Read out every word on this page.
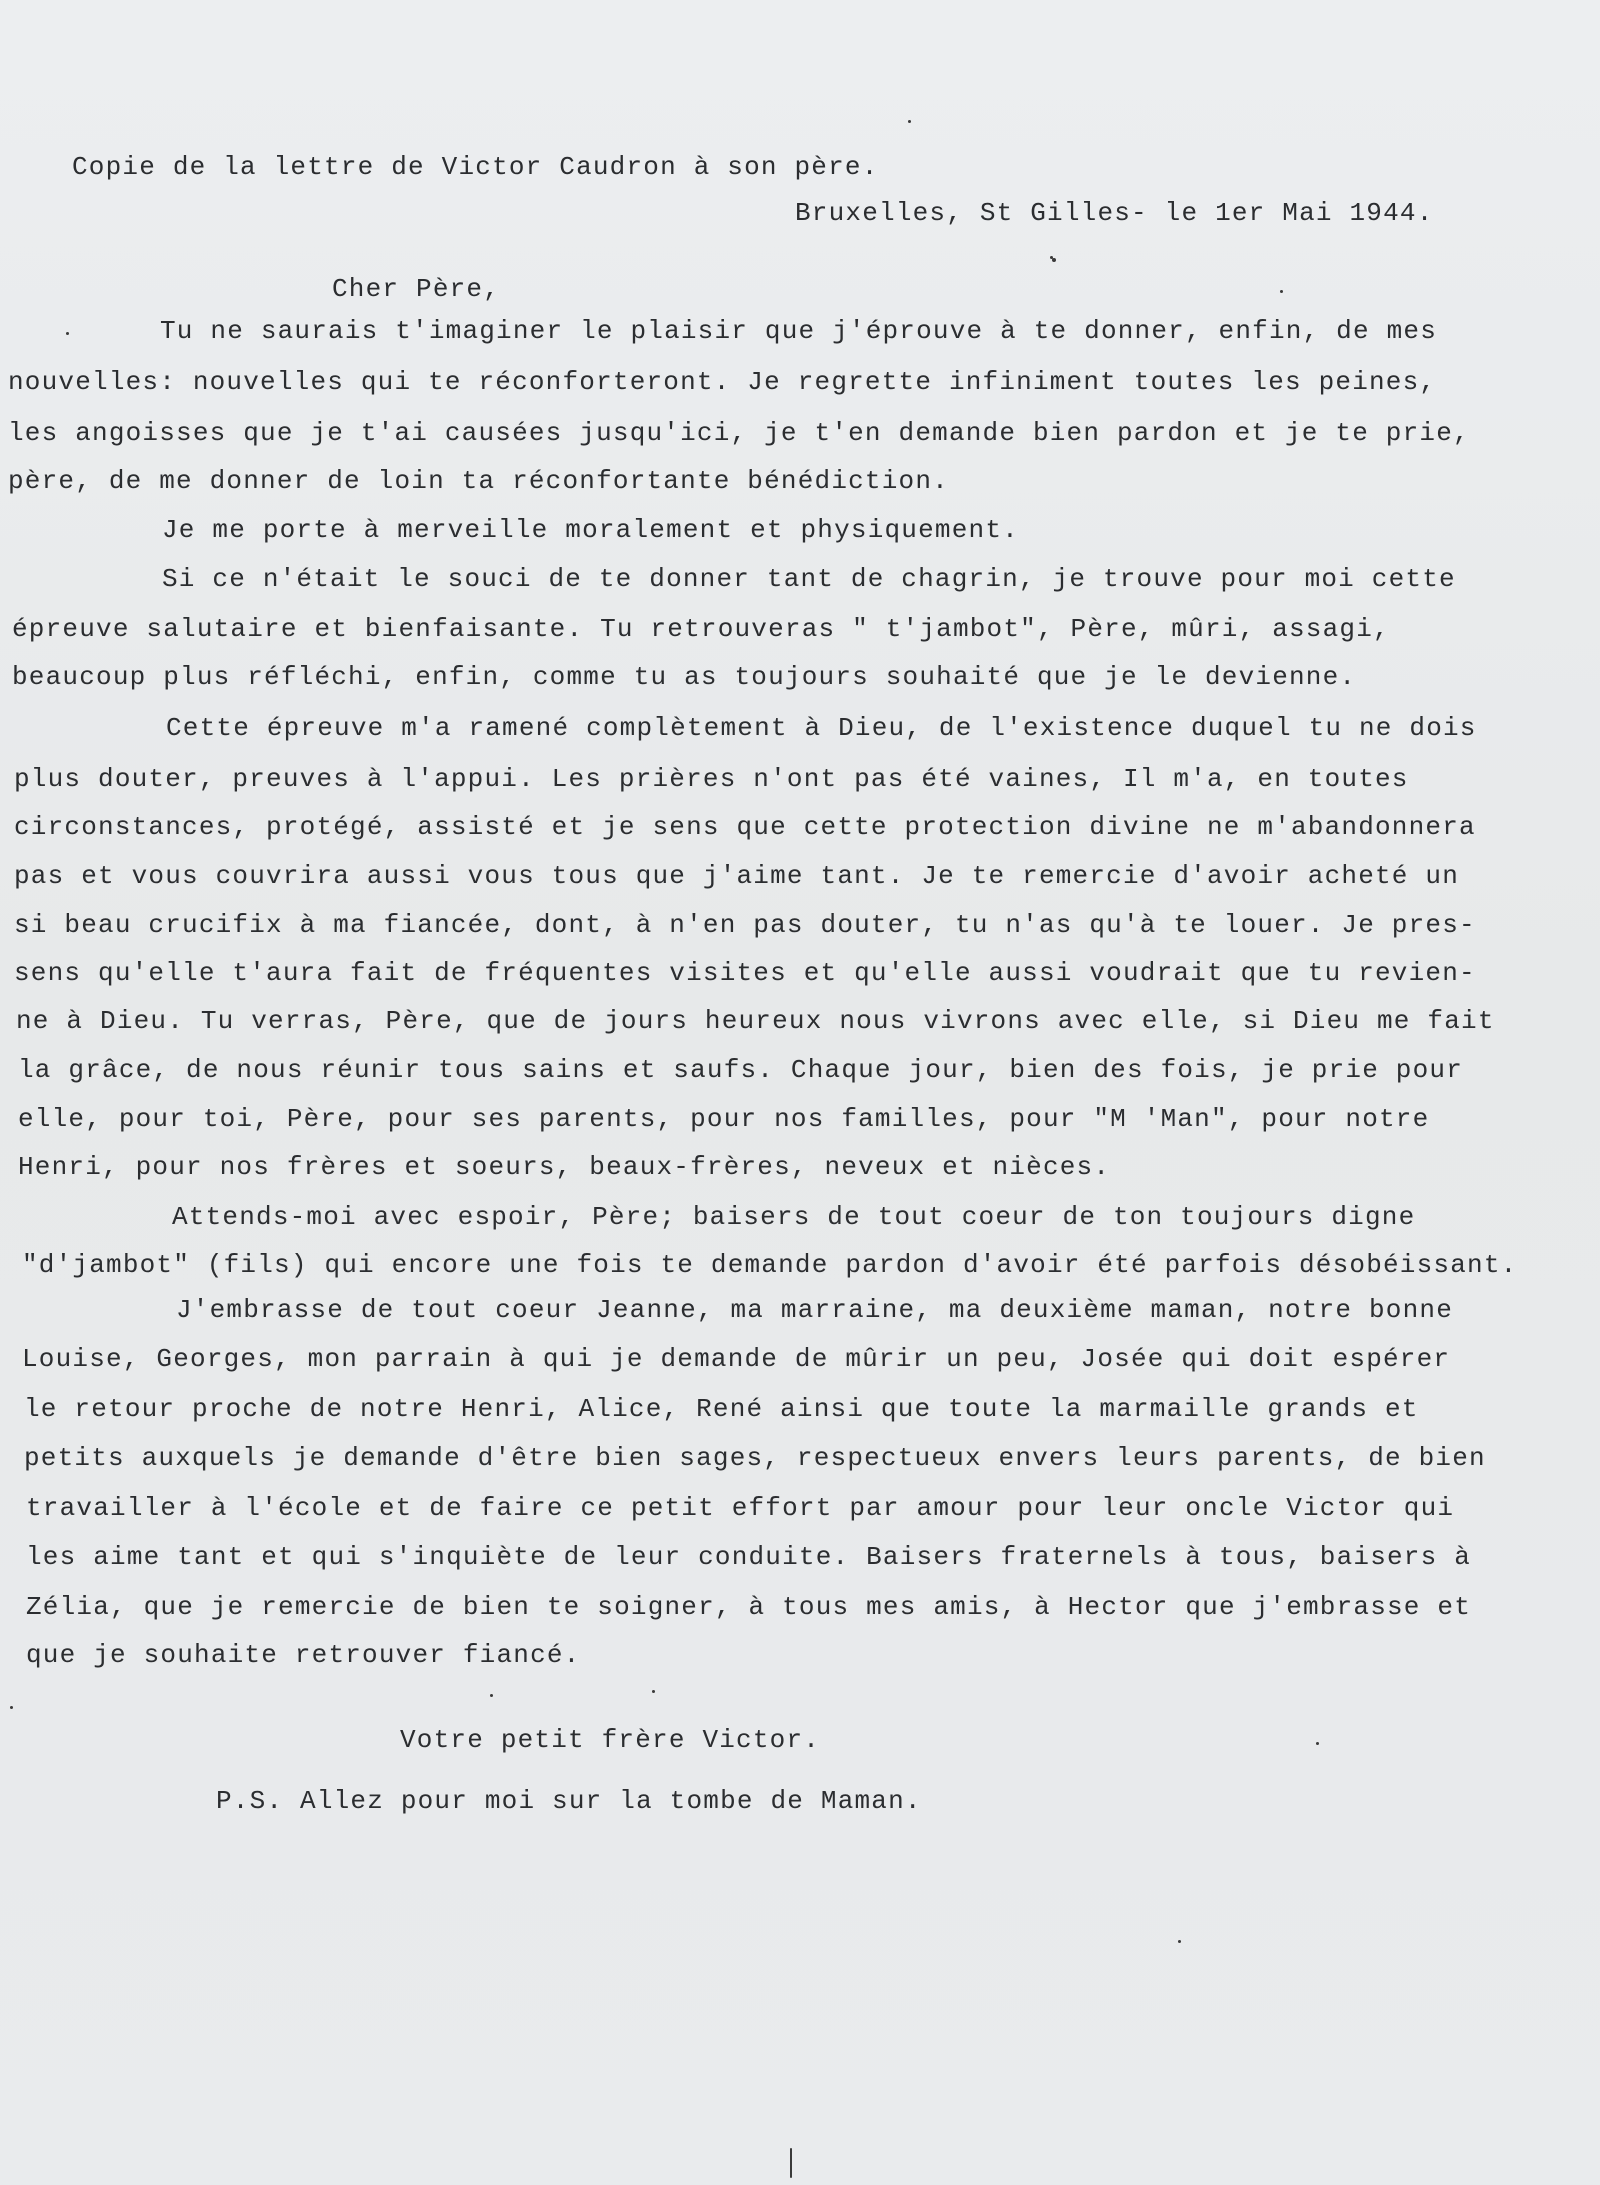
Copie de la lettre de Victor Caudron à son père.

Bruxelles, St Gilles- le 1er Mai 1944.

Cher Père,

Tu ne saurais t'imaginer le plaisir que j'éprouve à te donner, enfin, de mes

nouvelles: nouvelles qui te réconforteront. Je regrette infiniment toutes les peines,

les angoisses que je t'ai causées jusqu'ici, je t'en demande bien pardon et je te prie,

père, de me donner de loin ta réconfortante bénédiction.

Je me porte à merveille moralement et physiquement.

Si ce n'était le souci de te donner tant de chagrin, je trouve pour moi cette

épreuve salutaire et bienfaisante. Tu retrouveras " t'jambot", Père, mûri, assagi,

beaucoup plus réfléchi, enfin, comme tu as toujours souhaité que je le devienne.

Cette épreuve m'a ramené complètement à Dieu, de l'existence duquel tu ne dois

plus douter, preuves à l'appui. Les prières n'ont pas été vaines, Il m'a, en toutes

circonstances, protégé, assisté et je sens que cette protection divine ne m'abandonnera

pas et vous couvrira aussi vous tous que j'aime tant. Je te remercie d'avoir acheté un

si beau crucifix à ma fiancée, dont, à n'en pas douter, tu n'as qu'à te louer. Je pres-

sens qu'elle t'aura fait de fréquentes visites et qu'elle aussi voudrait que tu revien-

ne à Dieu. Tu verras, Père, que de jours heureux nous vivrons avec elle, si Dieu me fait

la grâce, de nous réunir tous sains et saufs. Chaque jour, bien des fois, je prie pour

elle, pour toi, Père, pour ses parents, pour nos familles, pour "M 'Man", pour notre

Henri, pour nos frères et soeurs, beaux-frères, neveux et nièces.

Attends-moi avec espoir, Père; baisers de tout coeur de ton toujours digne

"d'jambot" (fils) qui encore une fois te demande pardon d'avoir été parfois désobéissant.

J'embrasse de tout coeur Jeanne, ma marraine, ma deuxième maman, notre bonne

Louise, Georges, mon parrain à qui je demande de mûrir un peu, Josée qui doit espérer

le retour proche de notre Henri, Alice, René ainsi que toute la marmaille grands et

petits auxquels je demande d'être bien sages, respectueux envers leurs parents, de bien

travailler à l'école et de faire ce petit effort par amour pour leur oncle Victor qui

les aime tant et qui s'inquiète de leur conduite. Baisers fraternels à tous, baisers à

Zélia, que je remercie de bien te soigner, à tous mes amis, à Hector que j'embrasse et

que je souhaite retrouver fiancé.

Votre petit frère Victor.

P.S. Allez pour moi sur la tombe de Maman.
